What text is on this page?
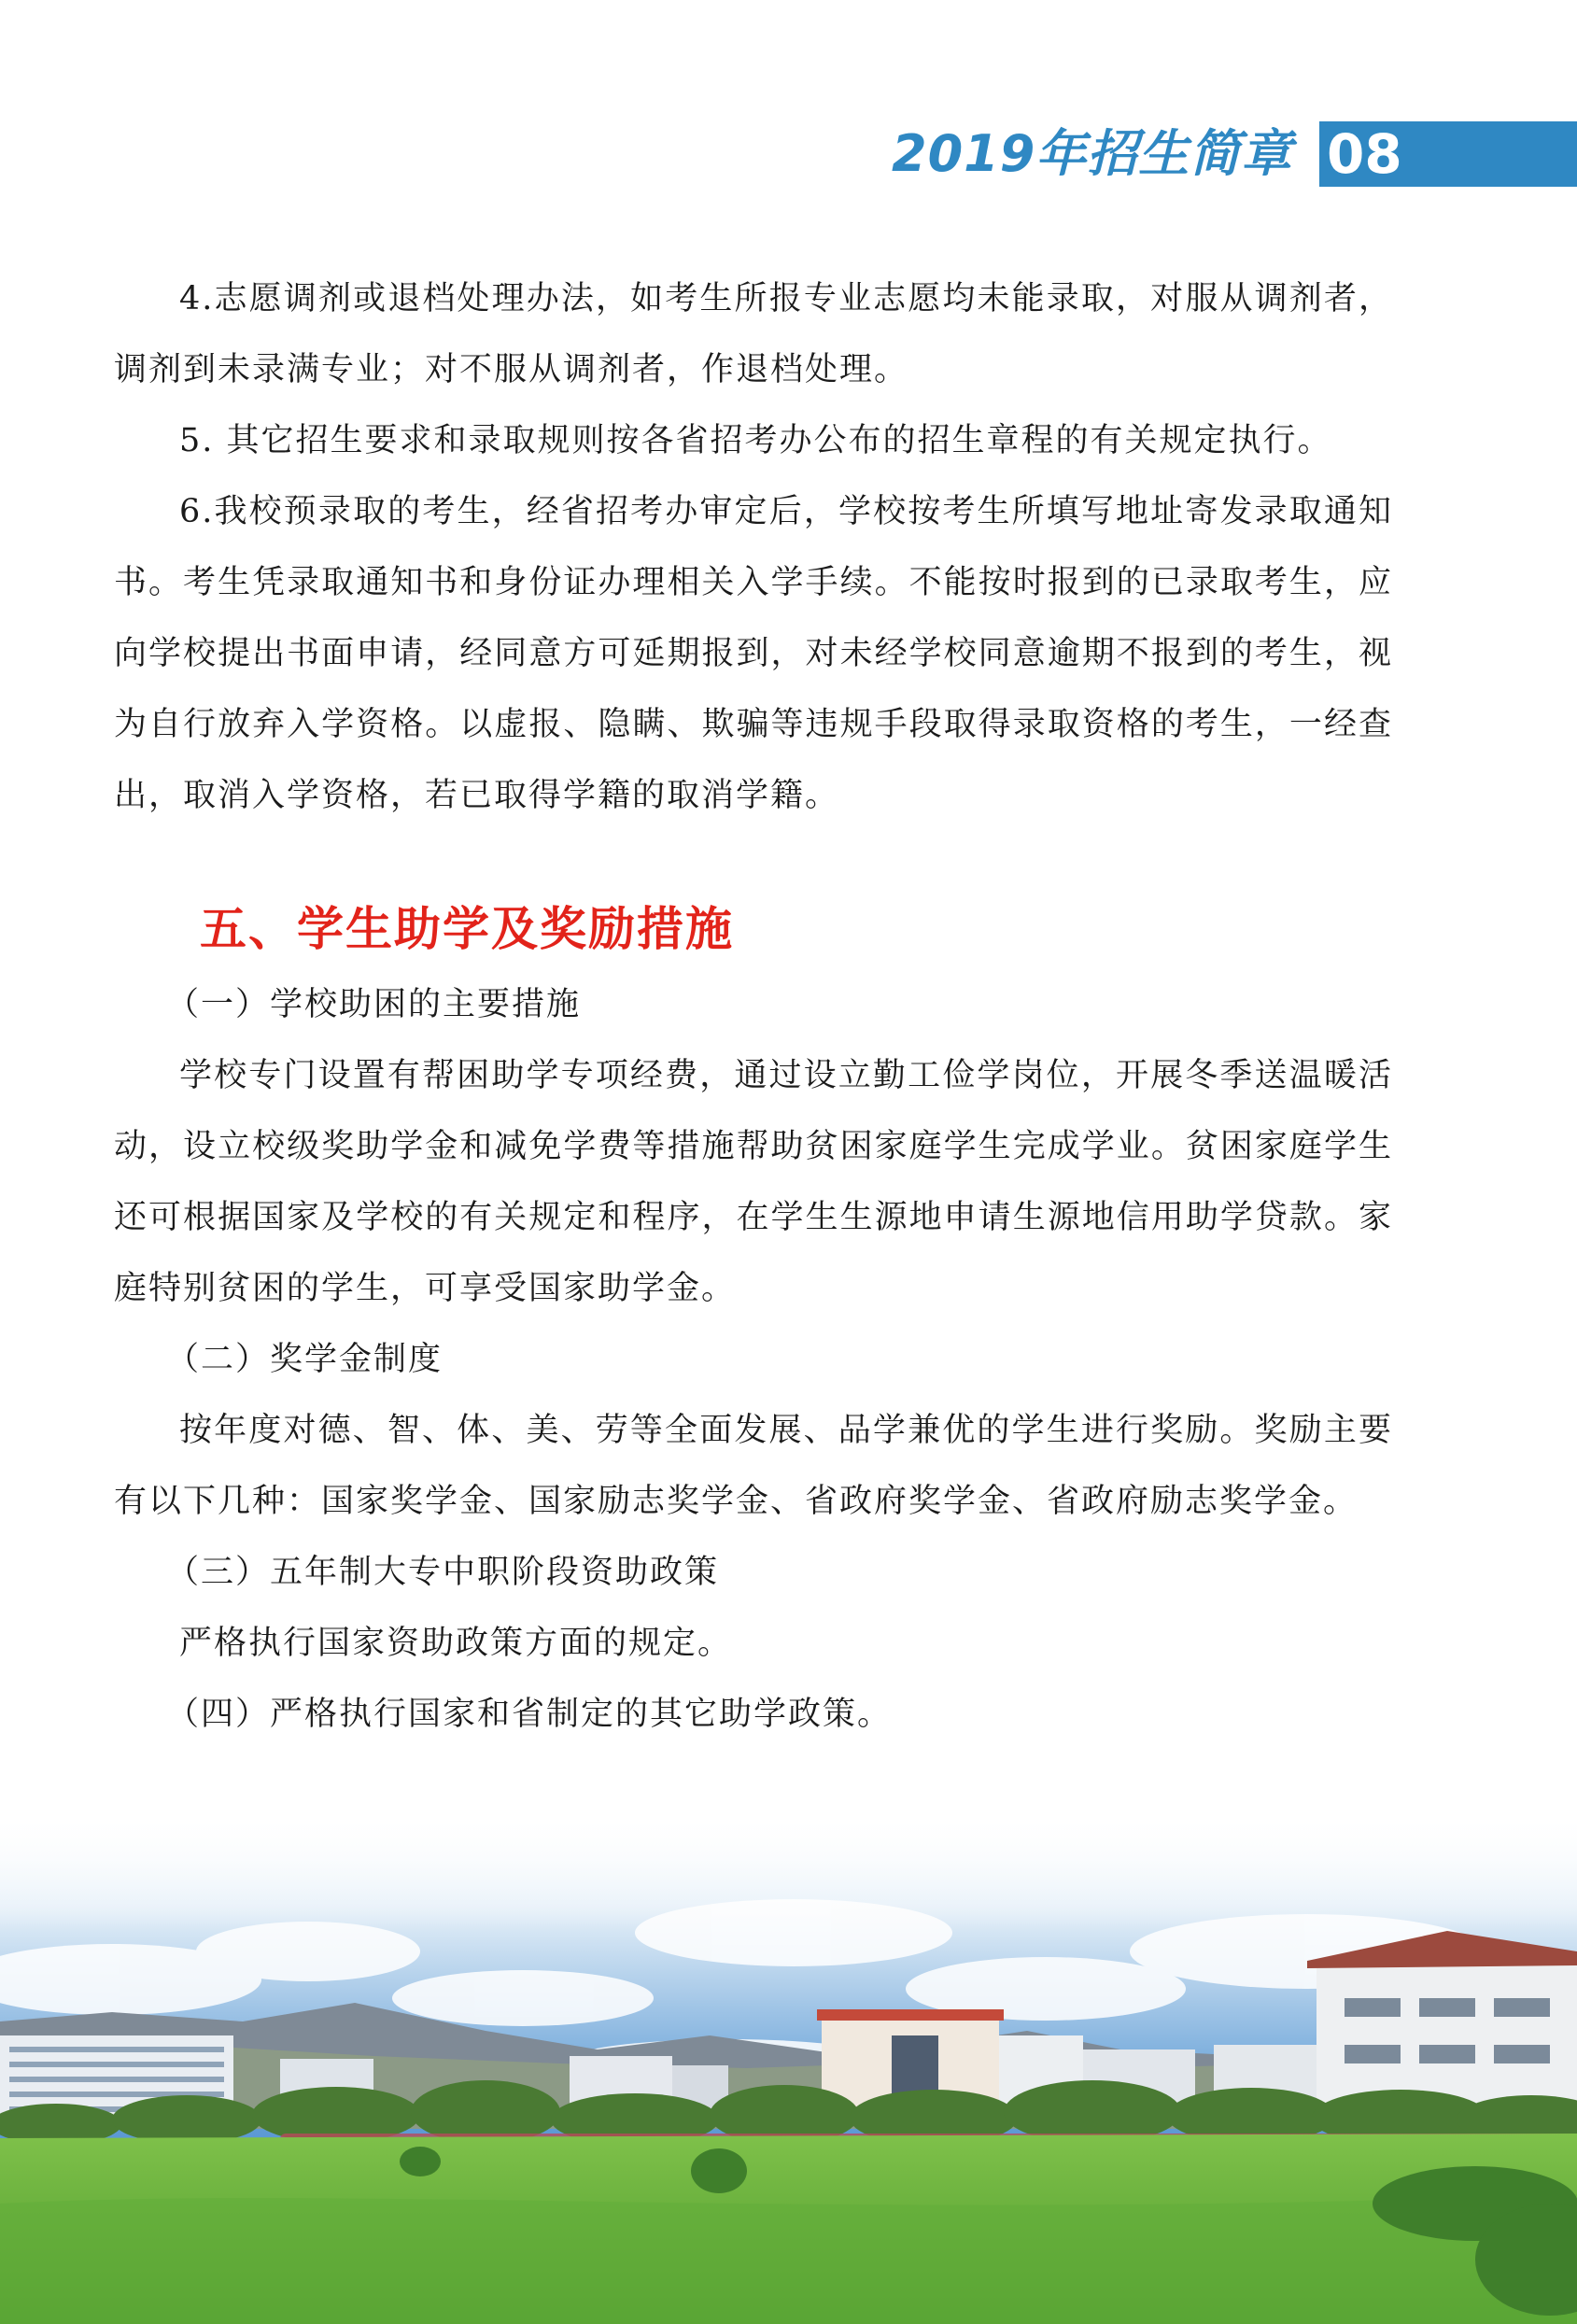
2019年招生简章 08

4.志愿调剂或退档处理办法，如考生所报专业志愿均未能录取，对服从调剂者，调剂到未录满专业；对不服从调剂者，作退档处理。

5. 其它招生要求和录取规则按各省招考办公布的招生章程的有关规定执行。

6.我校预录取的考生，经省招考办审定后，学校按考生所填写地址寄发录取通知书。考生凭录取通知书和身份证办理相关入学手续。不能按时报到的已录取考生，应向学校提出书面申请，经同意方可延期报到，对未经学校同意逾期不报到的考生，视为自行放弃入学资格。以虚报、隐瞒、欺骗等违规手段取得录取资格的考生，一经查出，取消入学资格，若已取得学籍的取消学籍。

五、学生助学及奖励措施

（一）学校助困的主要措施

学校专门设置有帮困助学专项经费，通过设立勤工俭学岗位，开展冬季送温暖活动，设立校级奖助学金和减免学费等措施帮助贫困家庭学生完成学业。贫困家庭学生还可根据国家及学校的有关规定和程序，在学生生源地申请生源地信用助学贷款。家庭特别贫困的学生，可享受国家助学金。

（二）奖学金制度

按年度对德、智、体、美、劳等全面发展、品学兼优的学生进行奖励。奖励主要有以下几种：国家奖学金、国家励志奖学金、省政府奖学金、省政府励志奖学金。

（三）五年制大专中职阶段资助政策

严格执行国家资助政策方面的规定。

（四）严格执行国家和省制定的其它助学政策。
